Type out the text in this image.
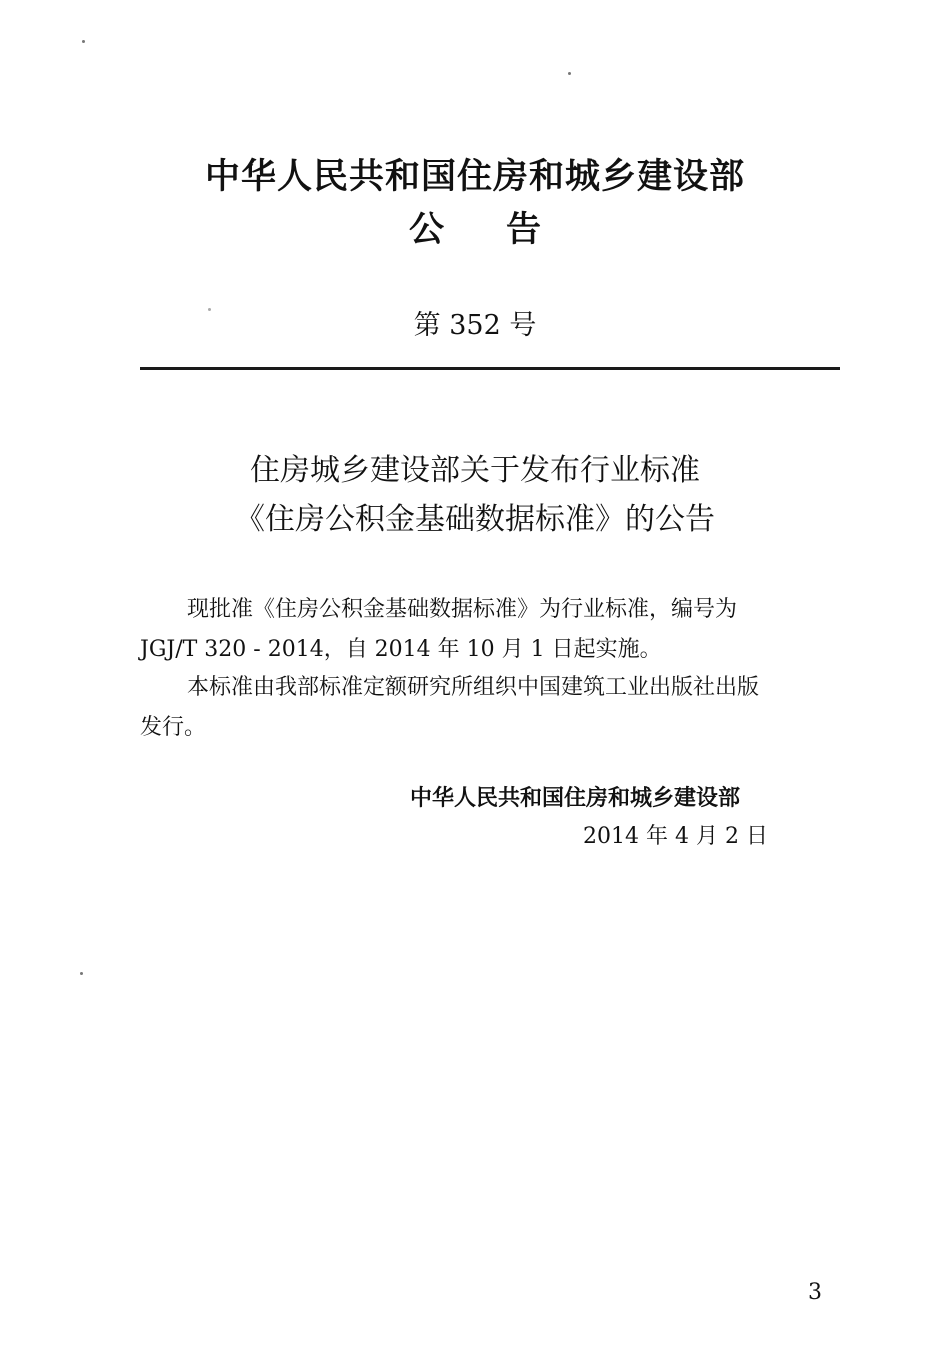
中华人民共和国住房和城乡建设部
公告
第 352 号
住房城乡建设部关于发布行业标准
《住房公积金基础数据标准》的公告
现批准《住房公积金基础数据标准》为行业标准，编号为
JGJ/T 320 - 2014，自 2014 年 10 月 1 日起实施。
本标准由我部标准定额研究所组织中国建筑工业出版社出版
发行。
中华人民共和国住房和城乡建设部
2014 年 4 月 2 日
3
